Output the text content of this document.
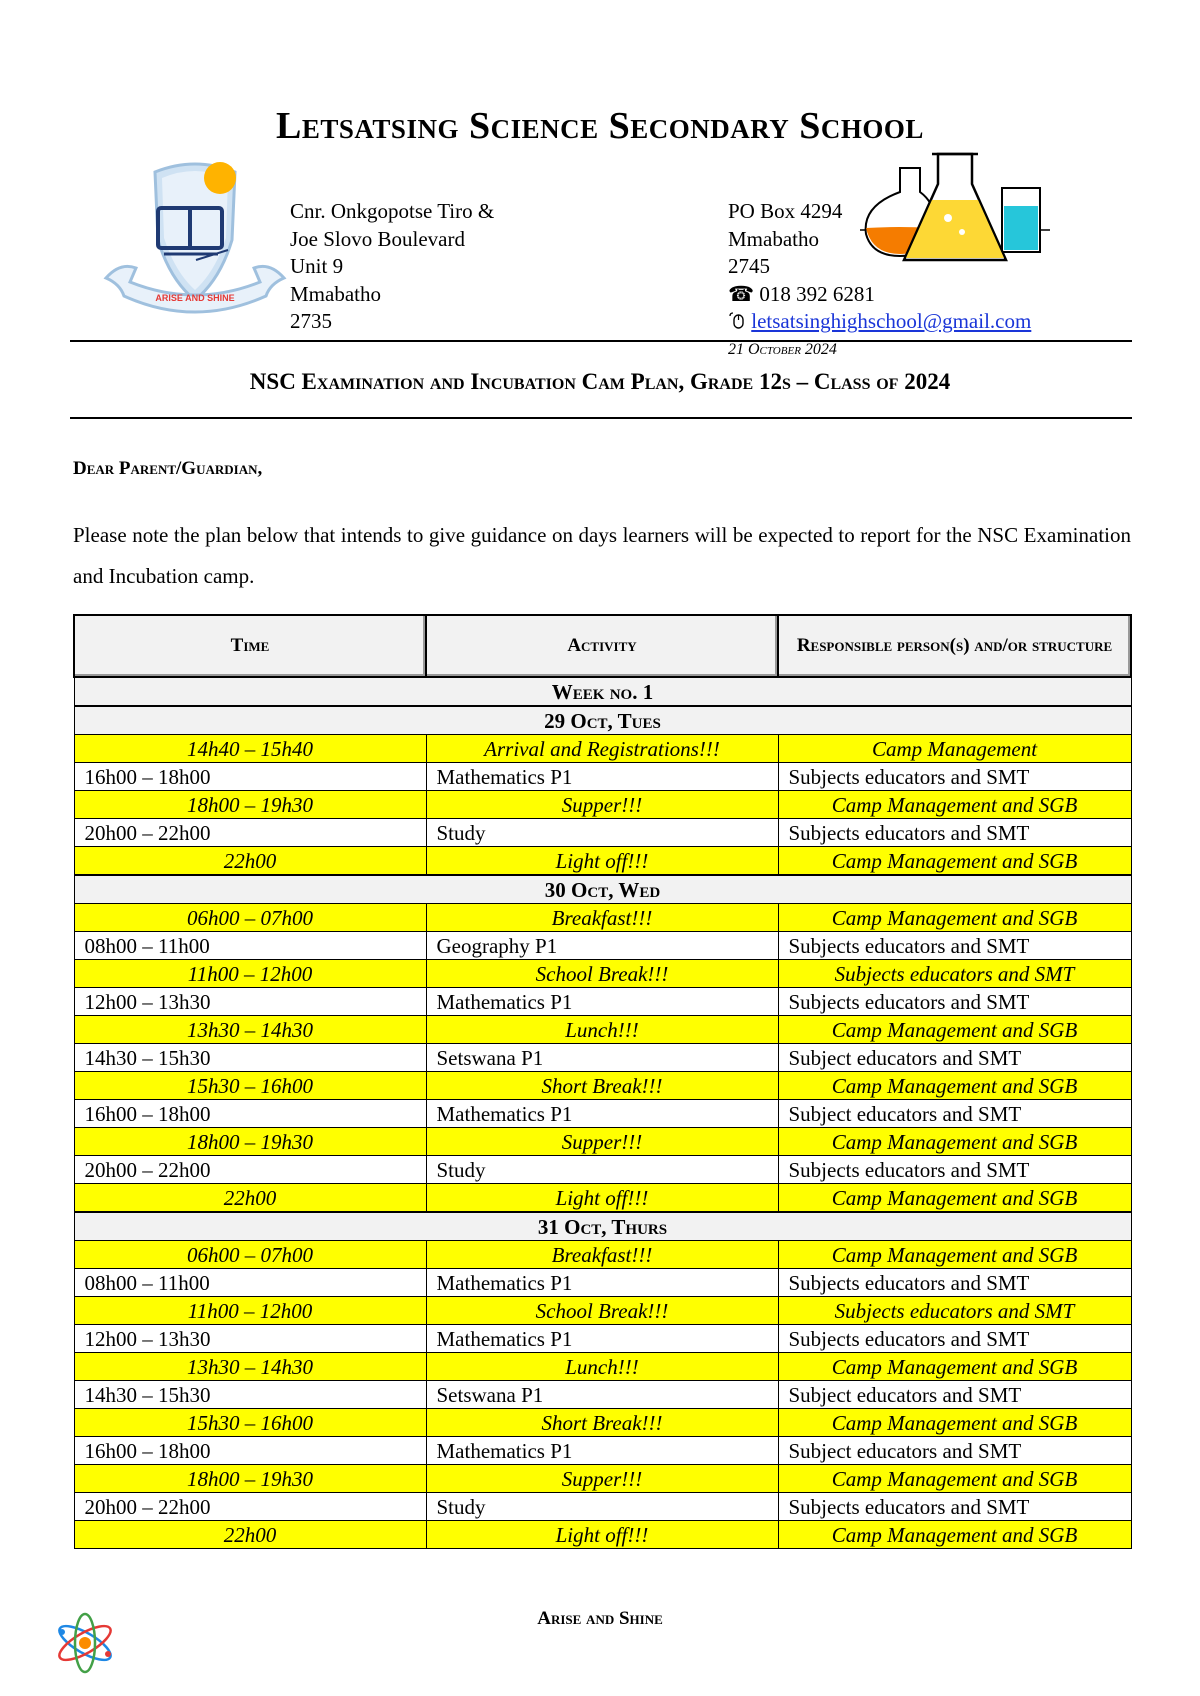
ARISE AND SHINE
Letsatsing Science Secondary School
Cnr. Onkgopotse Tiro &
Joe Slovo Boulevard
Unit 9
Mmabatho
2735
PO Box 4294
Mmabatho
2745
☎ 018 392 6281
letsatsinghighschool@gmail.com
21 October 2024
NSC Examination and Incubation Cam Plan, Grade 12s – Class of 2024
Dear Parent/Guardian,
Please note the plan below that intends to give guidance on days learners will be expected to report for the NSC Examination and Incubation camp.
Time	Activity	Responsible person(s) and/or structure
Week no. 1		
29 Oct, Tues		
14h40 – 15h40	Arrival and Registrations!!!	Camp Management
16h00 – 18h00	Mathematics P1	Subjects educators and SMT
18h00 – 19h30	Supper!!!	Camp Management and SGB
20h00 – 22h00	Study	Subjects educators and SMT
22h00	Light off!!!	Camp Management and SGB
30 Oct, Wed		
06h00 – 07h00	Breakfast!!!	Camp Management and SGB
08h00 – 11h00	Geography P1	Subjects educators and SMT
11h00 – 12h00	School Break!!!	Subjects educators and SMT
12h00 – 13h30	Mathematics P1	Subjects educators and SMT
13h30 – 14h30	Lunch!!!	Camp Management and SGB
14h30 – 15h30	Setswana P1	Subject educators and SMT
15h30 – 16h00	Short Break!!!	Camp Management and SGB
16h00 – 18h00	Mathematics P1	Subject educators and SMT
18h00 – 19h30	Supper!!!	Camp Management and SGB
20h00 – 22h00	Study	Subjects educators and SMT
22h00	Light off!!!	Camp Management and SGB
31 Oct, Thurs		
06h00 – 07h00	Breakfast!!!	Camp Management and SGB
08h00 – 11h00	Mathematics P1	Subjects educators and SMT
11h00 – 12h00	School Break!!!	Subjects educators and SMT
12h00 – 13h30	Mathematics P1	Subjects educators and SMT
13h30 – 14h30	Lunch!!!	Camp Management and SGB
14h30 – 15h30	Setswana P1	Subject educators and SMT
15h30 – 16h00	Short Break!!!	Camp Management and SGB
16h00 – 18h00	Mathematics P1	Subject educators and SMT
18h00 – 19h30	Supper!!!	Camp Management and SGB
20h00 – 22h00	Study	Subjects educators and SMT
22h00	Light off!!!	Camp Management and SGB
Arise and Shine
